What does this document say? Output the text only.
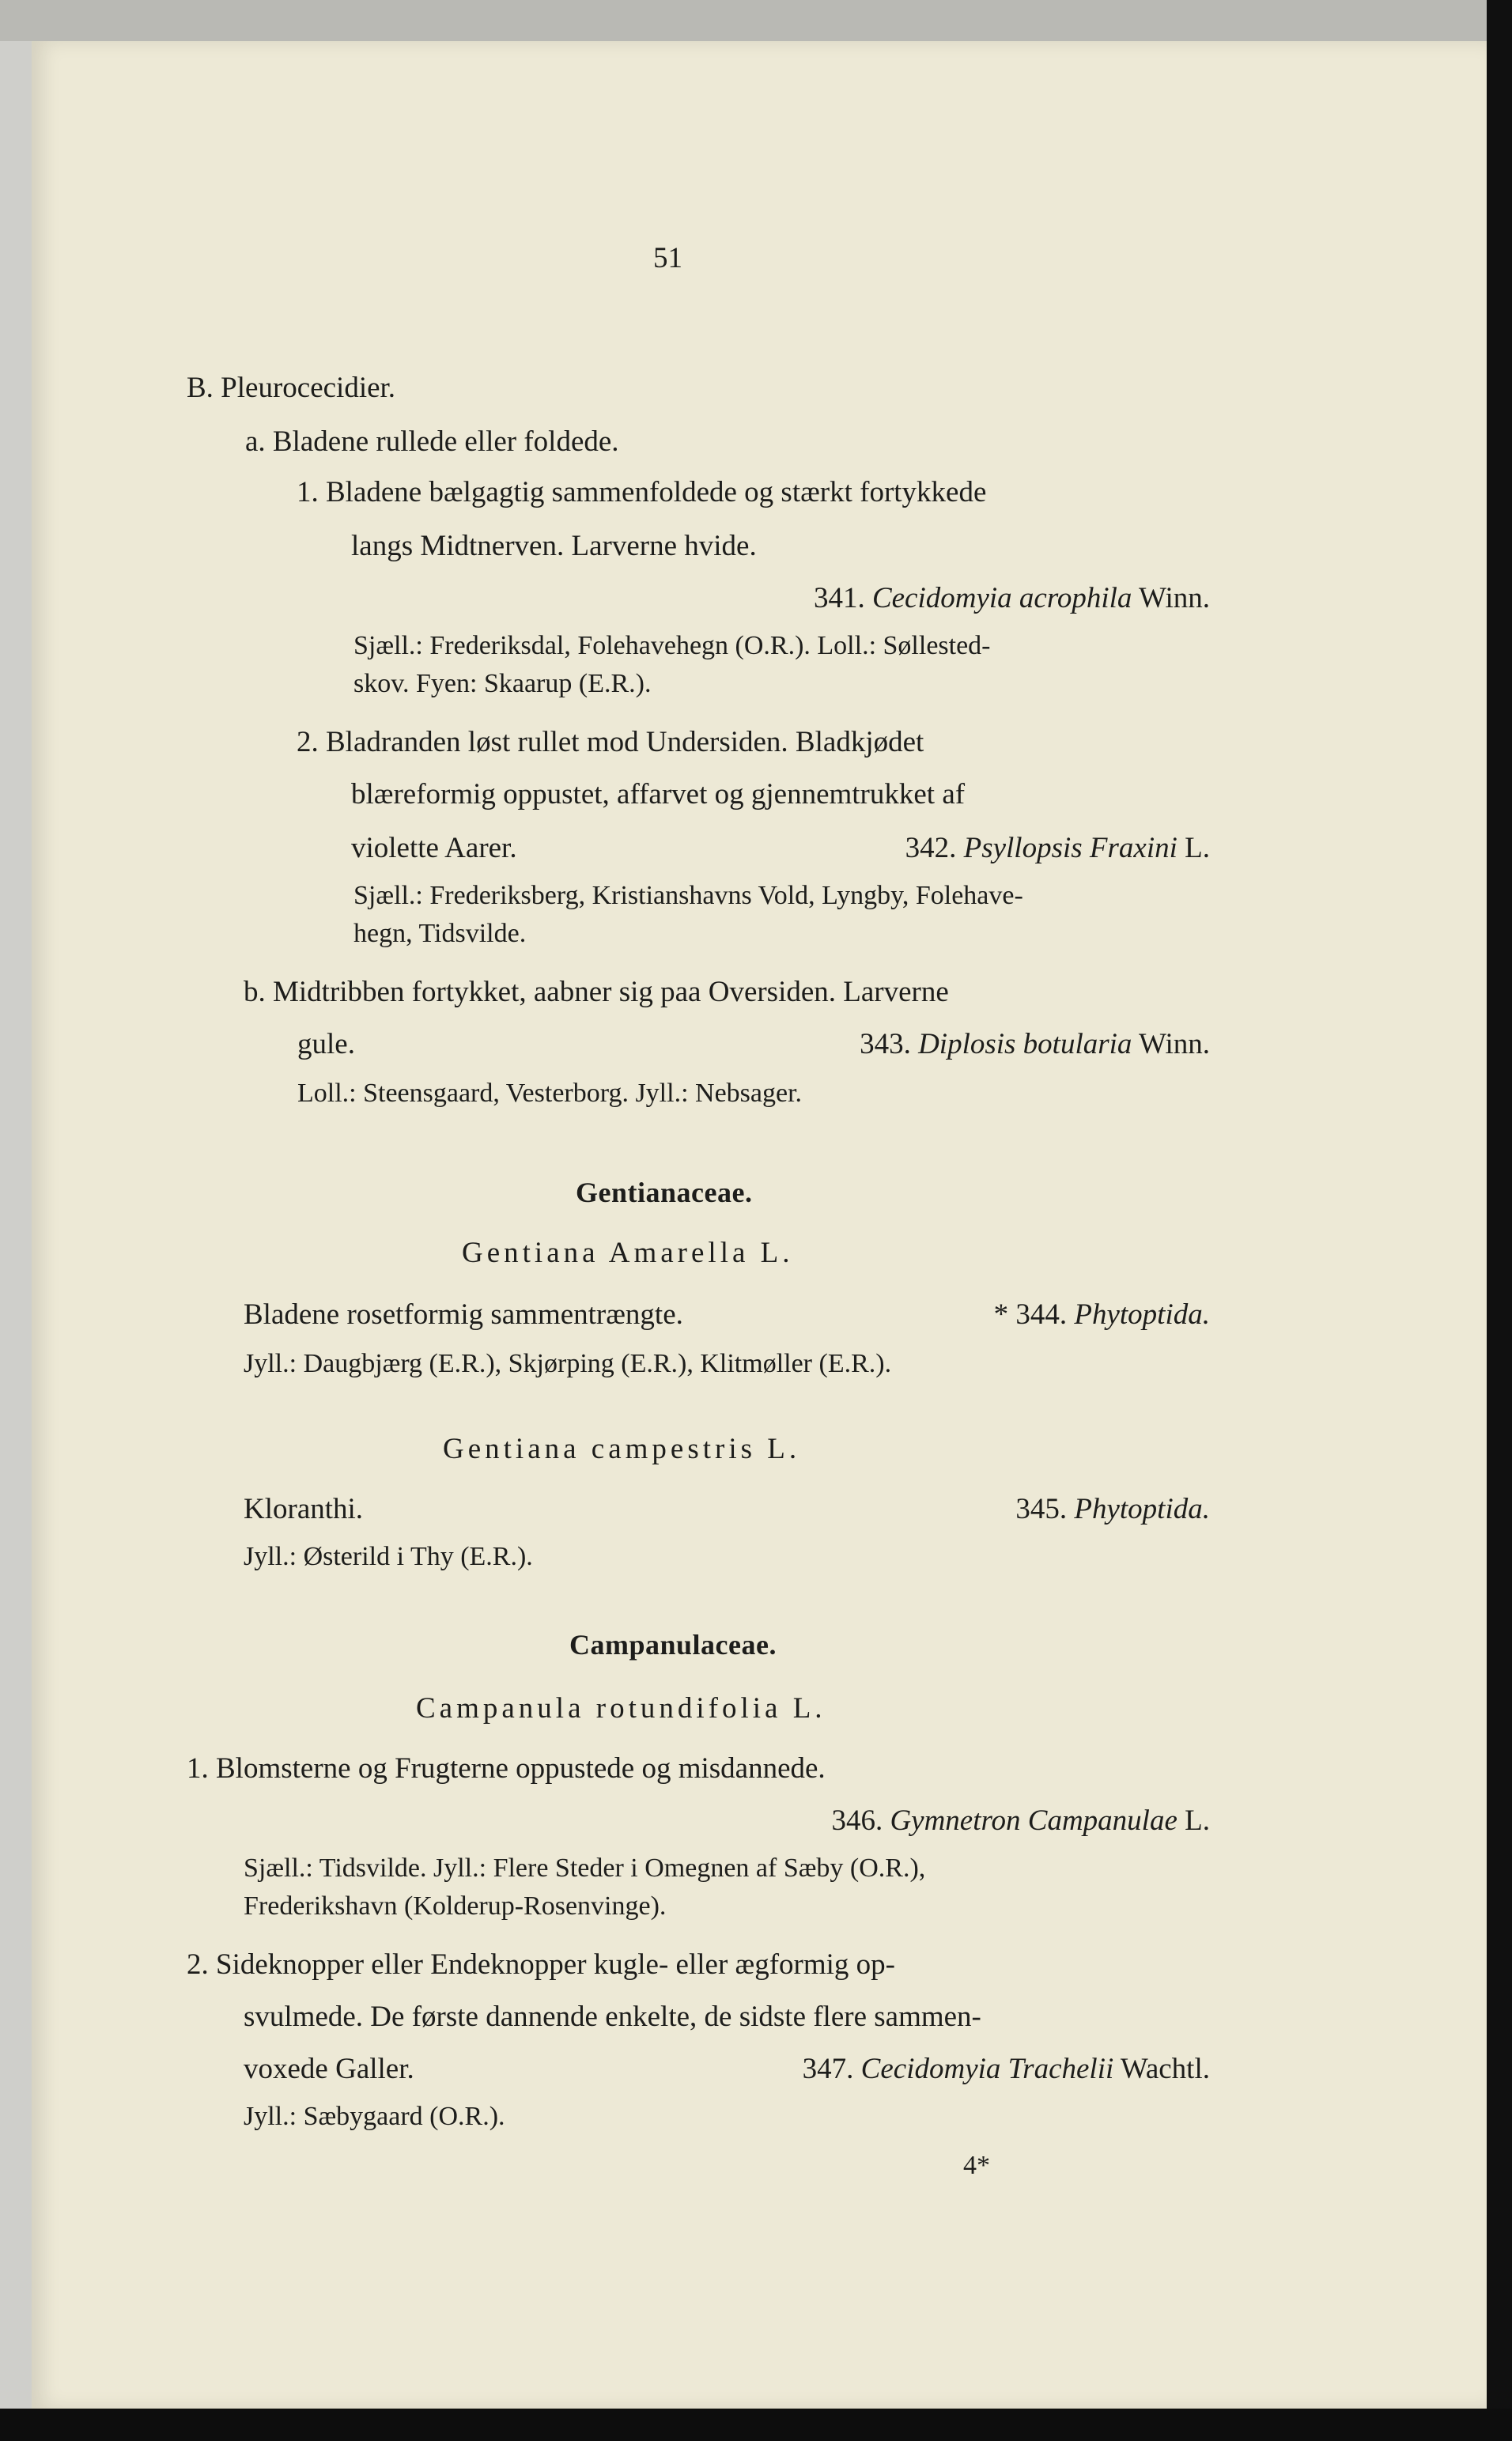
51
B. Pleurocecidier.
a. Bladene rullede eller foldede.
1. Bladene bælgagtig sammenfoldede og stærkt fortykkede
langs Midtnerven. Larverne hvide.
341. Cecidomyia acrophila Winn.
Sjæll.: Frederiksdal, Folehavehegn (O.R.). Loll.: Søllested-
skov. Fyen: Skaarup (E.R.).
2. Bladranden løst rullet mod Undersiden. Bladkjødet
blæreformig oppustet, affarvet og gjennemtrukket af
violette Aarer.	342. Psyllopsis Fraxini L.
Sjæll.: Frederiksberg, Kristianshavns Vold, Lyngby, Folehave-
hegn, Tidsvilde.
b. Midtribben fortykket, aabner sig paa Oversiden. Larverne
gule.	343. Diplosis botularia Winn.
Loll.: Steensgaard, Vesterborg. Jyll.: Nebsager.
Gentianaceae.
Gentiana Amarella L.
Bladene rosetformig sammentrængte.	* 344. Phytoptida.
Jyll.: Daugbjærg (E.R.), Skjørping (E.R.), Klitmøller (E.R.).
Gentiana campestris L.
Kloranthi.	345. Phytoptida.
Jyll.: Østerild i Thy (E.R.).
Campanulaceae.
Campanula rotundifolia L.
1. Blomsterne og Frugterne oppustede og misdannede.
346. Gymnetron Campanulae L.
Sjæll.: Tidsvilde. Jyll.: Flere Steder i Omegnen af Sæby (O.R.),
Frederikshavn (Kolderup-Rosenvinge).
2. Sideknopper eller Endeknopper kugle- eller ægformig op-
svulmede. De første dannende enkelte, de sidste flere sammen-
voxede Galler.	347. Cecidomyia Trachelii Wachtl.
Jyll.: Sæbygaard (O.R.).
4*
